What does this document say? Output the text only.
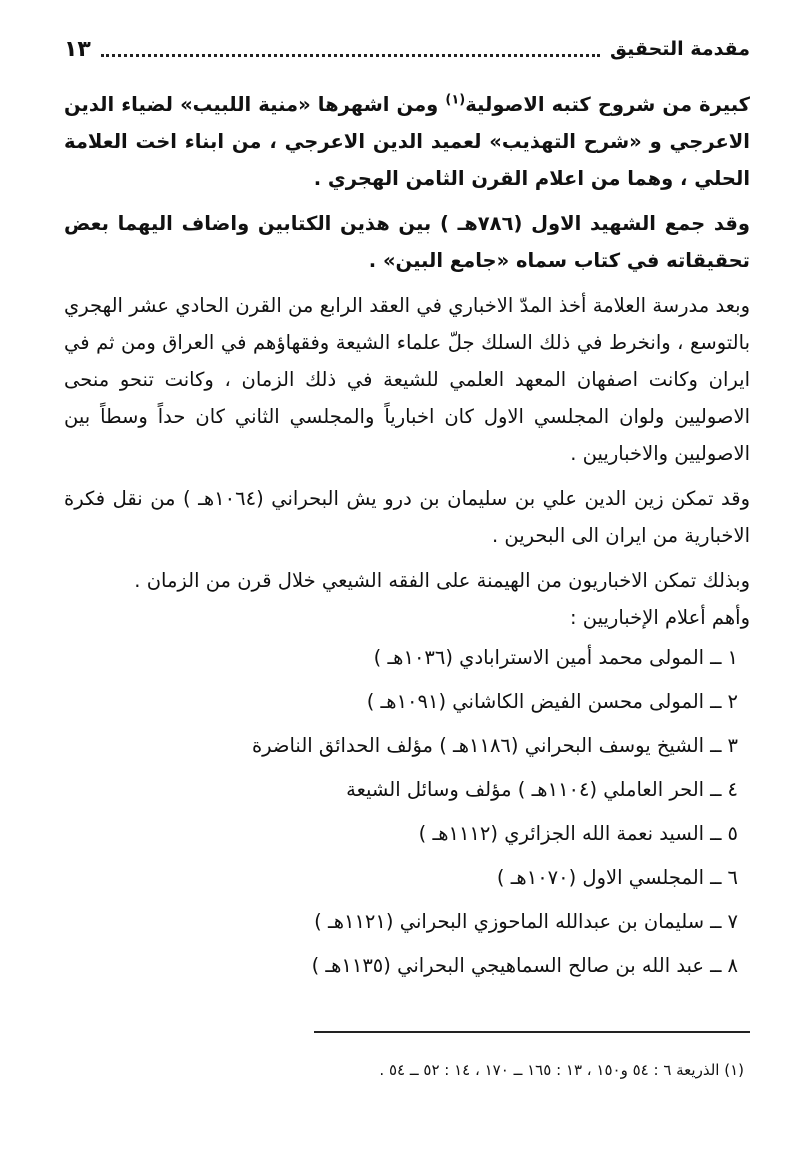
مقدمة التحقيق
١٣

كبيرة من شروح كتبه الاصولية$^{(١)}$ ومن اشهرها «منية اللبيب» لضياء الدين الاعرجي و «شرح التهذيب» لعميد الدين الاعرجي ، من ابناء اخت العلامة الحلي ، وهما من اعلام القرن الثامن الهجري .

وقد جمع الشهيد الاول (٧٨٦هـ ) بين هذين الكتابين واضاف اليهما بعض تحقيقاته في كتاب سماه «جامع البين» .

وبعد مدرسة العلامة أخذ المدّ الاخباري في العقد الرابع من القرن الحادي عشر الهجري بالتوسع ، وانخرط في ذلك السلك جلّ علماء الشيعة وفقهاؤهم في العراق ومن ثم في ايران وكانت اصفهان المعهد العلمي للشيعة في ذلك الزمان ، وكانت تنحو منحى الاصوليين ولوان المجلسي الاول كان اخبارياً والمجلسي الثاني كان حداً وسطاً بين الاصوليين والاخباريين .

وقد تمكن زين الدين علي بن سليمان بن درو يش البحراني (١٠٦٤هـ ) من نقل فكرة الاخبارية من ايران الى البحرين .

وبذلك تمكن الاخباريون من الهيمنة على الفقه الشيعي خلال قرن من الزمان .

وأهم أعلام الإخباريين :

١
ــ
المولى محمد أمين الاسترابادي (١٠٣٦هـ )
٢
ــ
المولى محسن الفيض الكاشاني (١٠٩١هـ )
٣
ــ
الشيخ يوسف البحراني (١١٨٦هـ ) مؤلف الحدائق الناضرة
٤
ــ
الحر العاملي (١١٠٤هـ ) مؤلف وسائل الشيعة
٥
ــ
السيد نعمة الله الجزائري (١١١٢هـ )
٦
ــ
المجلسي الاول (١٠٧٠هـ )
٧
ــ
سليمان بن عبدالله الماحوزي البحراني (١١٢١هـ )
٨
ــ
عبد الله بن صالح السماهيجي البحراني (١١٣٥هـ )
(١) الذريعة ٦ : ٥٤ و١٥٠ ، ١٣ : ١٦٥ ــ ١٧٠ ، ١٤ : ٥٢ ــ ٥٤ .
